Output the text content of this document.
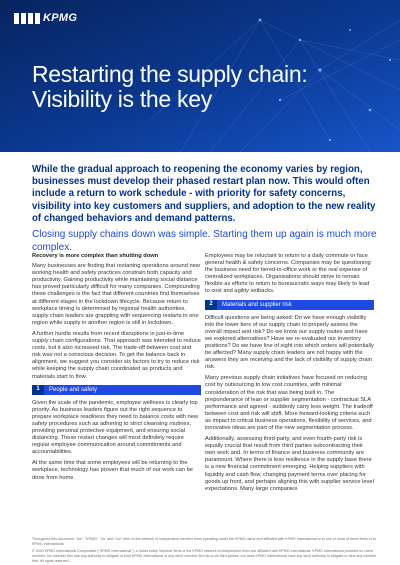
KPMG
Restarting the supply chain:
Visibility is the key

While the gradual approach to reopening the economy varies by region, businesses must develop their phased restart plan now. This would often include a return to work schedule - with priority for safety concerns, visibility into key customers and suppliers, and adoption to the new reality of changed behaviors and demand patterns.

Closing supply chains down was simple. Starting them up again is much more complex.

Recovery is more complex than shutting down

Many businesses are finding that restarting operations around new working health and safety practices constrain both capacity and productivity. Gaining productivity while maintaining social distance has proved particularly difficult for many companies. Compounding these challenges is the fact that different countries find themselves at different stages in the lockdown lifecycle. Because return to workplace timing is determined by regional health authorities, supply chain leaders are grappling with sequencing restarts in one region while supply in another region is still in lockdown.

A further hurdle results from recent disruptions in just-in-time supply chain configurations. That approach was intended to reduce costs, but it also increased risk. The trade-off between cost and risk was not a conscious decision. To get the balance back in alignment, we suggest you consider six factors to try to reduce risk while keeping the supply chain coordinated as products and materials start to flow.

1	People and safety

Given the scale of the pandemic, employee wellness is clearly top priority. As business leaders figure out the right sequence to prepare workplace readiness they need to balance costs with new safety procedures such as adhering to strict cleansing routines, providing personal protective equipment, and ensuring social distancing. These restart changes will most definitely require regular employee communication around commitments and accountabilities.

At the same time that some employees will be returning to the workplace, technology has proven that much of our work can be done from home.

Employees may be reluctant to return to a daily commute or face general health & safety concerns. Companies may be questioning the business need for tiered-in-office work or the real expense of centralized workplaces. Organisations should strive to remain flexible as efforts to return to bureaucratic ways may likely to lead to cost and agility setbacks.

2	Materials and supplier risk

Difficult questions are being asked: Do we have enough visibility into the lower tiers of our supply chain to properly assess the overall impact and risk? Do we know our supply routes and have we explored alternatives? Have we re-evaluated our inventory positions? Do we have line of sight into which orders will potentially be affected? Many supply chain leaders are not happy with the answers they are receiving and the lack of visibility of supply chain risk.

Many previous supply chain initiatives have focused on reducing cost by outsourcing to low cost countries, with minimal consideration of the risk that was being built in. The preponderance of lean or supplier segmentation - contractual SLA performance and agreed - suddenly carry less weight. The tradeoff between cost and risk will shift. More forward-looking criteria such as impact to critical business operations, flexibility of services, and innovative ideas are part of the new segmentation process.

Additionally, assessing third-party, and even fourth-party risk is equally crucial that result from third parties subcontracting their own work and. In terms of finance and business community are paramount. Where there is less resilience in the supply base there is a new financial commitment emerging. Helping suppliers with liquidity and cash flow, changing payment terms over placing for goods up front, and perhaps aligning this with supplier service level expectations. Many large companies

Throughout this document, "we", "KPMG", "us" and "our" refer to the network of independent member firms operating under the KPMG name and affiliated with KPMG International or to one or more of these firms or to KPMG International.

© 2020 KPMG International Cooperative ("KPMG International"), a Swiss entity. Member firms of the KPMG network of independent firms are affiliated with KPMG International. KPMG International provides no client services. No member firm has any authority to obligate or bind KPMG International or any other member firm vis-à-vis third parties, nor does KPMG International have any such authority to obligate or bind any member firm. All rights reserved.
